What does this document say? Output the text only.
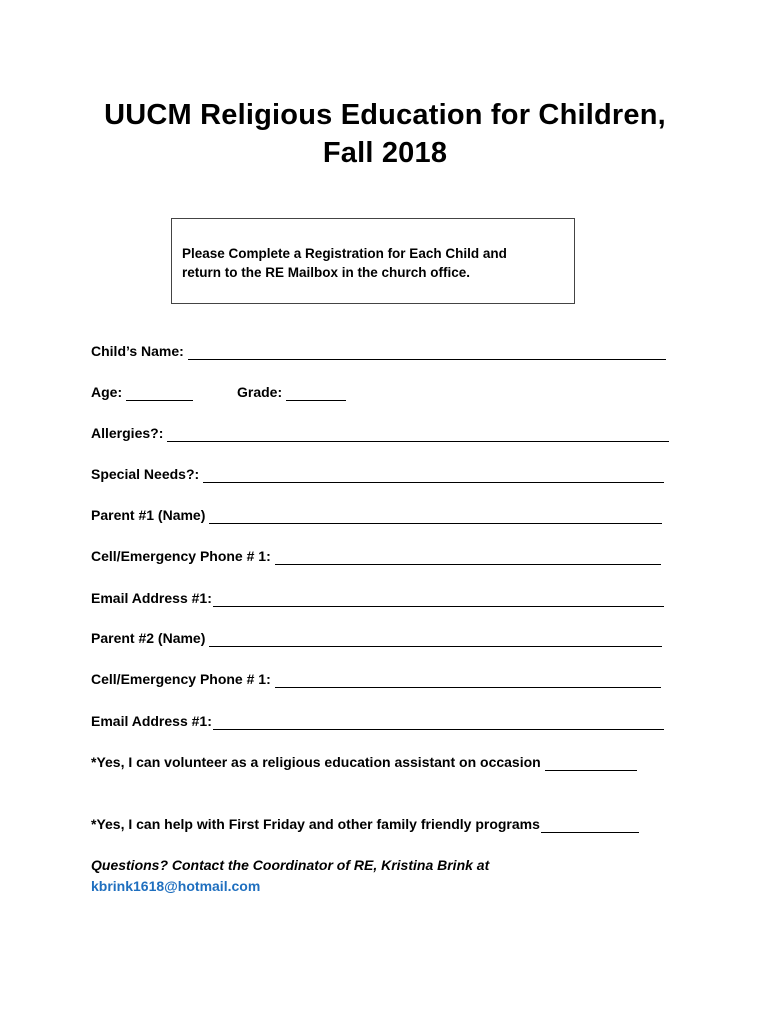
UUCM Religious Education for Children,
Fall 2018
Please Complete a Registration for Each Child and
return to the RE Mailbox in the church office.
Child’s Name:
Age:	Grade:
Allergies?:
Special Needs?:
Parent #1 (Name)
Cell/Emergency Phone # 1:
Email Address #1:
Parent #2 (Name)
Cell/Emergency Phone # 1:
Email Address #1:
*Yes, I can volunteer as a religious education assistant on occasion
*Yes, I can help with First Friday and other family friendly programs
Questions? Contact the Coordinator of RE, Kristina Brink at
kbrink1618@hotmail.com
